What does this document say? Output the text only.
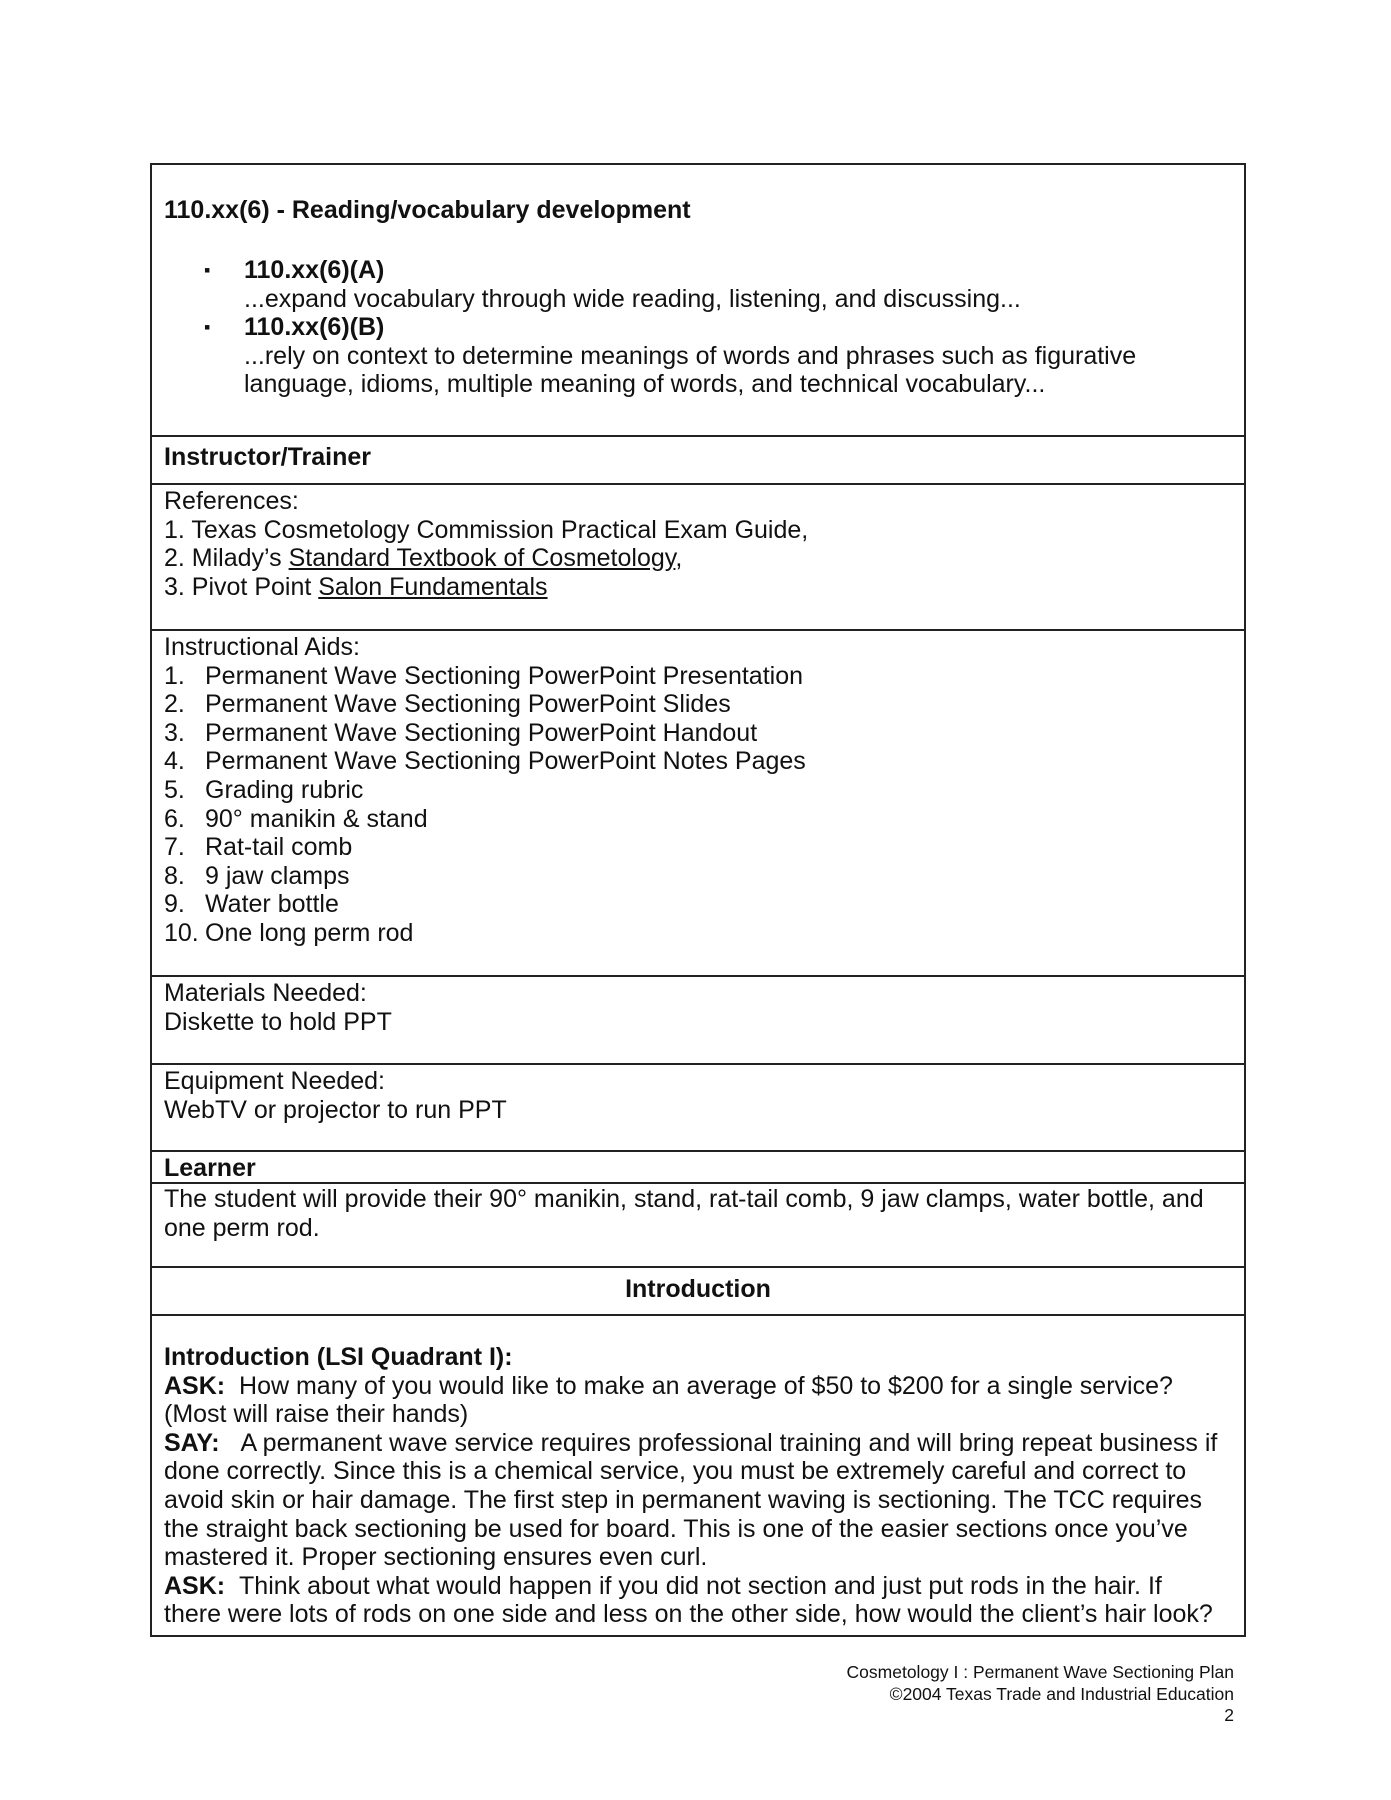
110.xx(6) - Reading/vocabulary development
▪ 110.xx(6)(A)
...expand vocabulary through wide reading, listening, and discussing...
▪ 110.xx(6)(B)
...rely on context to determine meanings of words and phrases such as figurative
language, idioms, multiple meaning of words, and technical vocabulary...
Instructor/Trainer
References:
1. Texas Cosmetology Commission Practical Exam Guide,
2. Milady’s Standard Textbook of Cosmetology,
3. Pivot Point Salon Fundamentals
Instructional Aids:
1. Permanent Wave Sectioning PowerPoint Presentation
2. Permanent Wave Sectioning PowerPoint Slides
3. Permanent Wave Sectioning PowerPoint Handout
4. Permanent Wave Sectioning PowerPoint Notes Pages
5. Grading rubric
6. 90° manikin & stand
7. Rat-tail comb
8. 9 jaw clamps
9. Water bottle
10. One long perm rod
Materials Needed:
Diskette to hold PPT
Equipment Needed:
WebTV or projector to run PPT
Learner
The student will provide their 90° manikin, stand, rat-tail comb, 9 jaw clamps, water bottle, and
one perm rod.
Introduction
Introduction (LSI Quadrant I):
ASK: How many of you would like to make an average of $50 to $200 for a single service?
(Most will raise their hands)
SAY: A permanent wave service requires professional training and will bring repeat business if
done correctly. Since this is a chemical service, you must be extremely careful and correct to
avoid skin or hair damage. The first step in permanent waving is sectioning. The TCC requires
the straight back sectioning be used for board. This is one of the easier sections once you’ve
mastered it. Proper sectioning ensures even curl.
ASK: Think about what would happen if you did not section and just put rods in the hair. If
there were lots of rods on one side and less on the other side, how would the client’s hair look?
Cosmetology I : Permanent Wave Sectioning Plan
©2004 Texas Trade and Industrial Education
2
